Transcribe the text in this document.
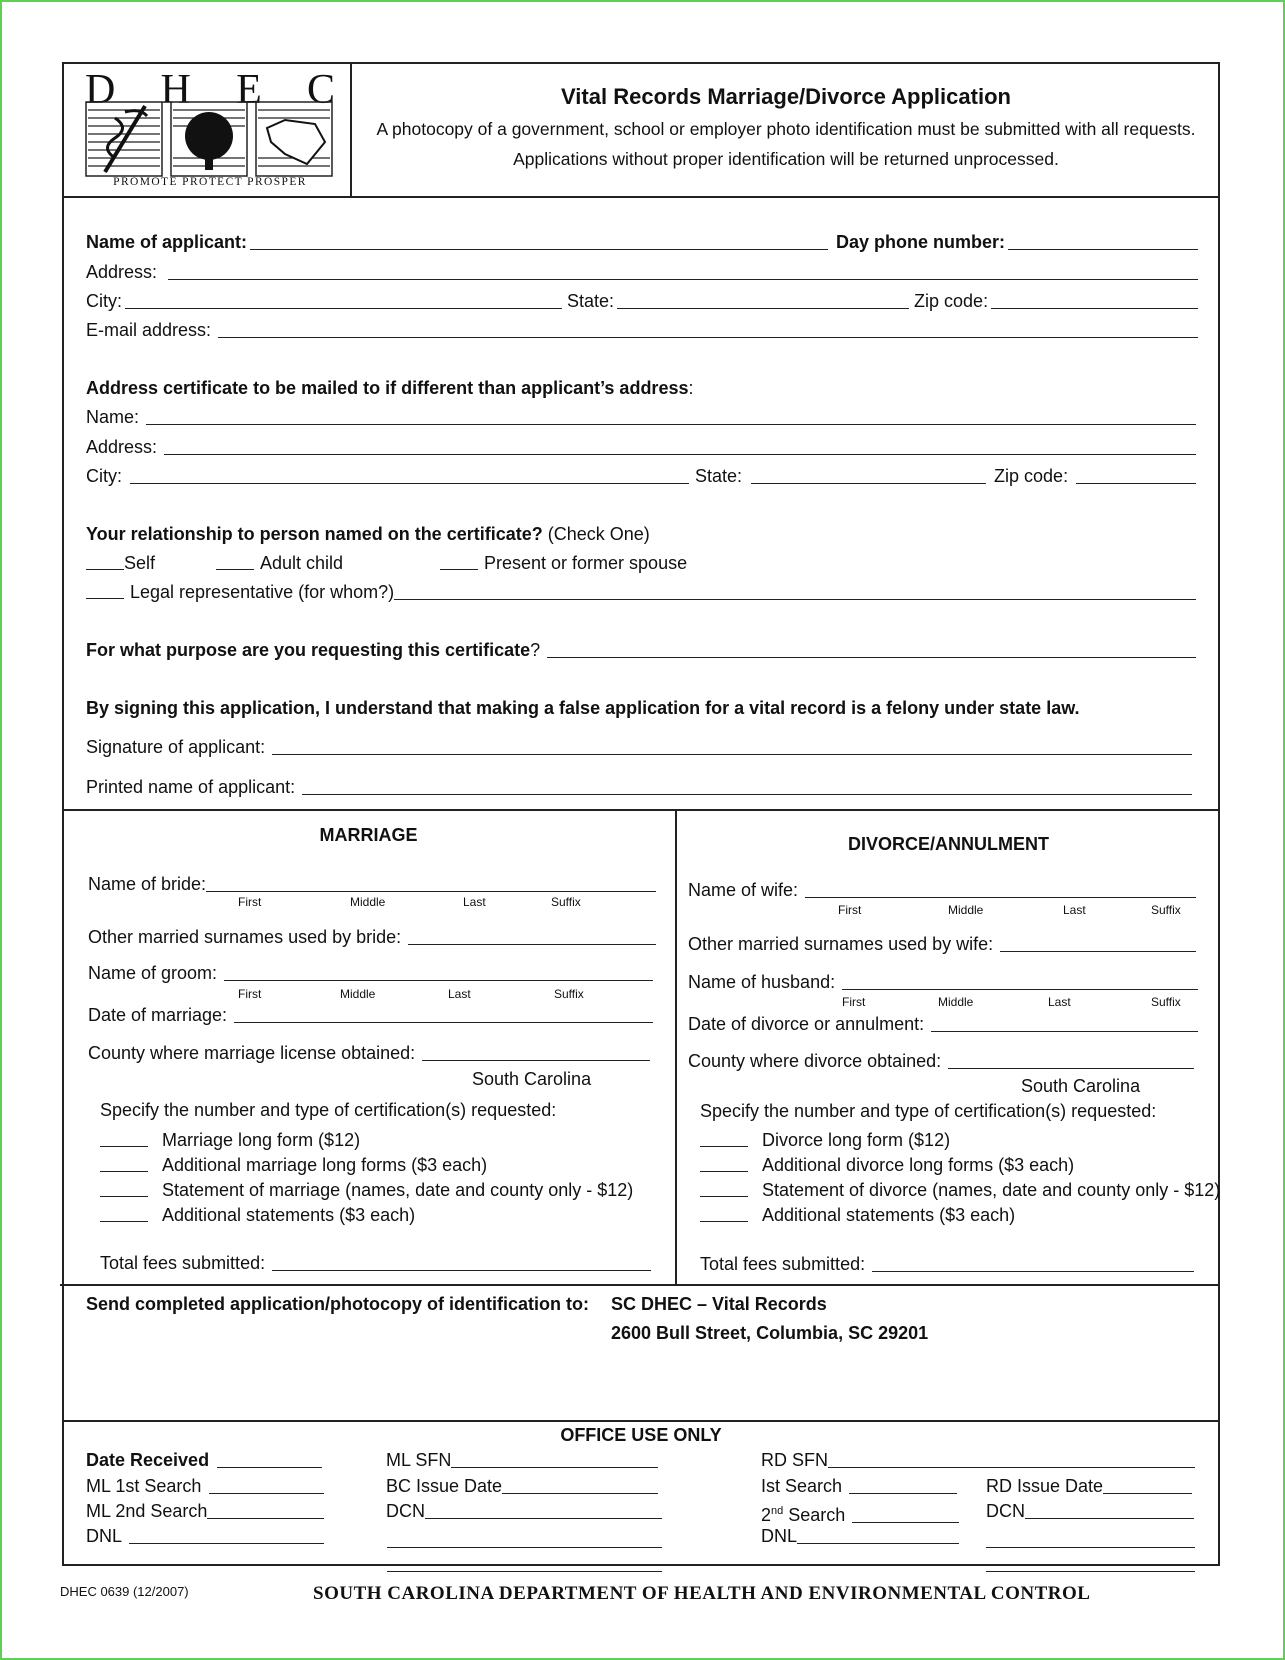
D H E C
PROMOTE PROTECT PROSPER
Vital Records Marriage/Divorce Application
A photocopy of a government, school or employer photo identification must be submitted with all requests.
Applications without proper identification will be returned unprocessed.
Name of applicant:	Day phone number:
Address:
City:	State:	Zip code:
E-mail address:
Address certificate to be mailed to if different than applicant’s address :
Name:
Address:
City:	State:	Zip code:
Your relationship to person named on the certificate? (Check One)
Self	Adult child	Present or former spouse
Legal representative (for whom?)
For what purpose are you requesting this certificate ?
By signing this application, I understand that making a false application for a vital record is a felony under state law.
Signature of applicant:
Printed name of applicant:
MARRIAGE
Name of bride:
First	Middle	Last	Suffix
Other married surnames used by bride:
Name of groom:
First	Middle	Last	Suffix
Date of marriage:
County where marriage license obtained:
South Carolina
Specify the number and type of certification(s) requested:
Marriage long form ($12)
Additional marriage long forms ($3 each)
Statement of marriage (names, date and county only - $12)
Additional statements ($3 each)
Total fees submitted:
DIVORCE/ANNULMENT
Name of wife:
First	Middle	Last	Suffix
Other married surnames used by wife:
Name of husband:
First	Middle	Last	Suffix
Date of divorce or annulment:
County where divorce obtained:
South Carolina
Specify the number and type of certification(s) requested:
Divorce long form ($12)
Additional divorce long forms ($3 each)
Statement of divorce (names, date and county only - $12)
Additional statements ($3 each)
Total fees submitted:
Send completed application/photocopy of identification to: SC DHEC – Vital Records
2600 Bull Street, Columbia, SC 29201
OFFICE USE ONLY
Date Received
ML 1st Search
ML 2nd Search
DNL
ML SFN
BC Issue Date
DCN
RD SFN
Ist Search
2nd Search
DNL
RD Issue Date
DCN
DHEC 0639 (12/2007)	SOUTH CAROLINA DEPARTMENT OF HEALTH AND ENVIRONMENTAL CONTROL
